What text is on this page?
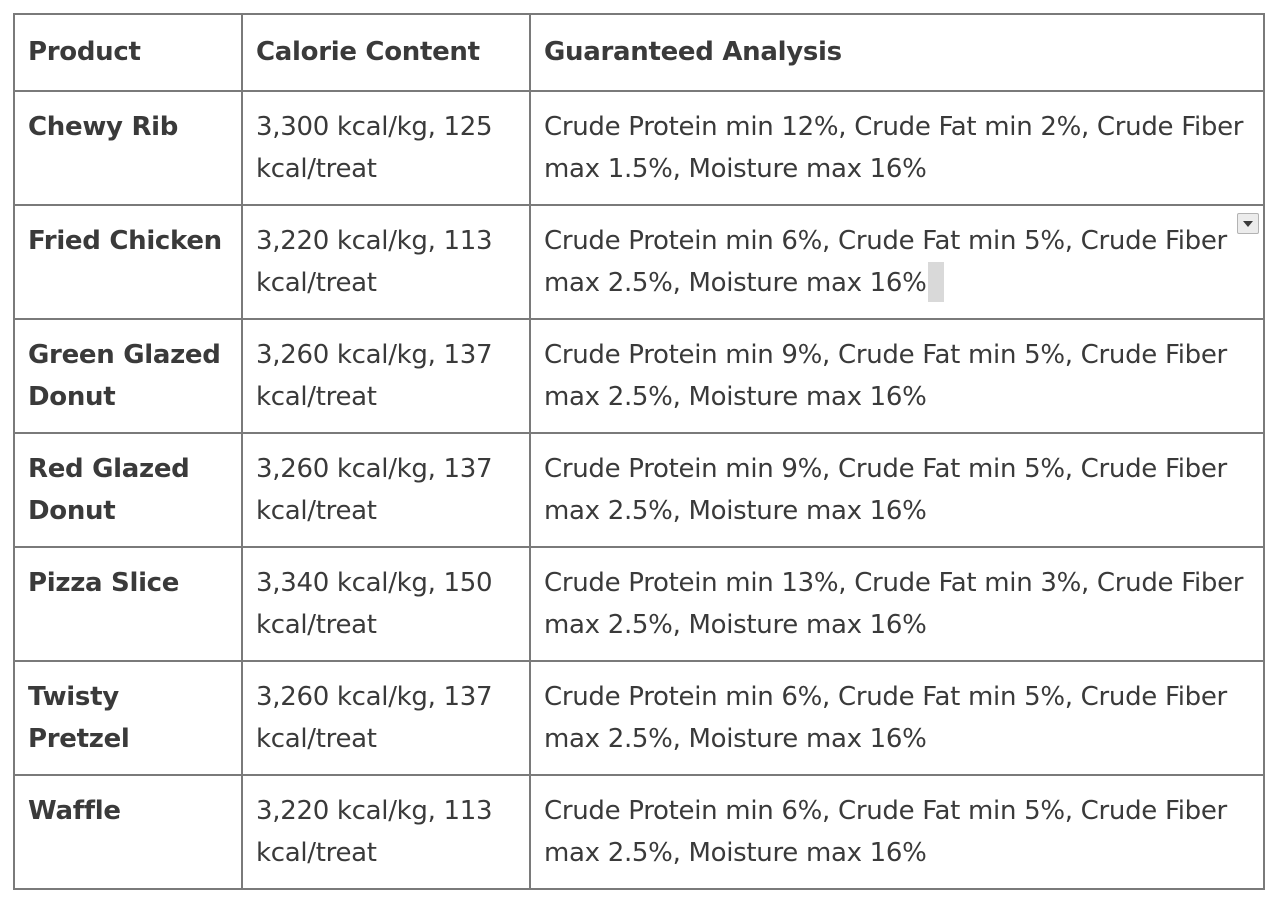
Product	Calorie Content	Guaranteed Analysis
Chewy Rib	3,300 kcal/kg, 125 kcal/treat	Crude Protein min 12%, Crude Fat min 2%, Crude Fiber max 1.5%, Moisture max 16%
Fried Chicken	3,220 kcal/kg, 113 kcal/treat	Crude Protein min 6%, Crude Fat min 5%, Crude Fiber max 2.5%, Moisture max 16%

Green Glazed Donut	3,260 kcal/kg, 137 kcal/treat	Crude Protein min 9%, Crude Fat min 5%, Crude Fiber max 2.5%, Moisture max 16%
Red Glazed Donut	3,260 kcal/kg, 137 kcal/treat	Crude Protein min 9%, Crude Fat min 5%, Crude Fiber max 2.5%, Moisture max 16%
Pizza Slice	3,340 kcal/kg, 150 kcal/treat	Crude Protein min 13%, Crude Fat min 3%, Crude Fiber max 2.5%, Moisture max 16%
Twisty Pretzel	3,260 kcal/kg, 137 kcal/treat	Crude Protein min 6%, Crude Fat min 5%, Crude Fiber max 2.5%, Moisture max 16%
Waffle	3,220 kcal/kg, 113 kcal/treat	Crude Protein min 6%, Crude Fat min 5%, Crude Fiber max 2.5%, Moisture max 16%
